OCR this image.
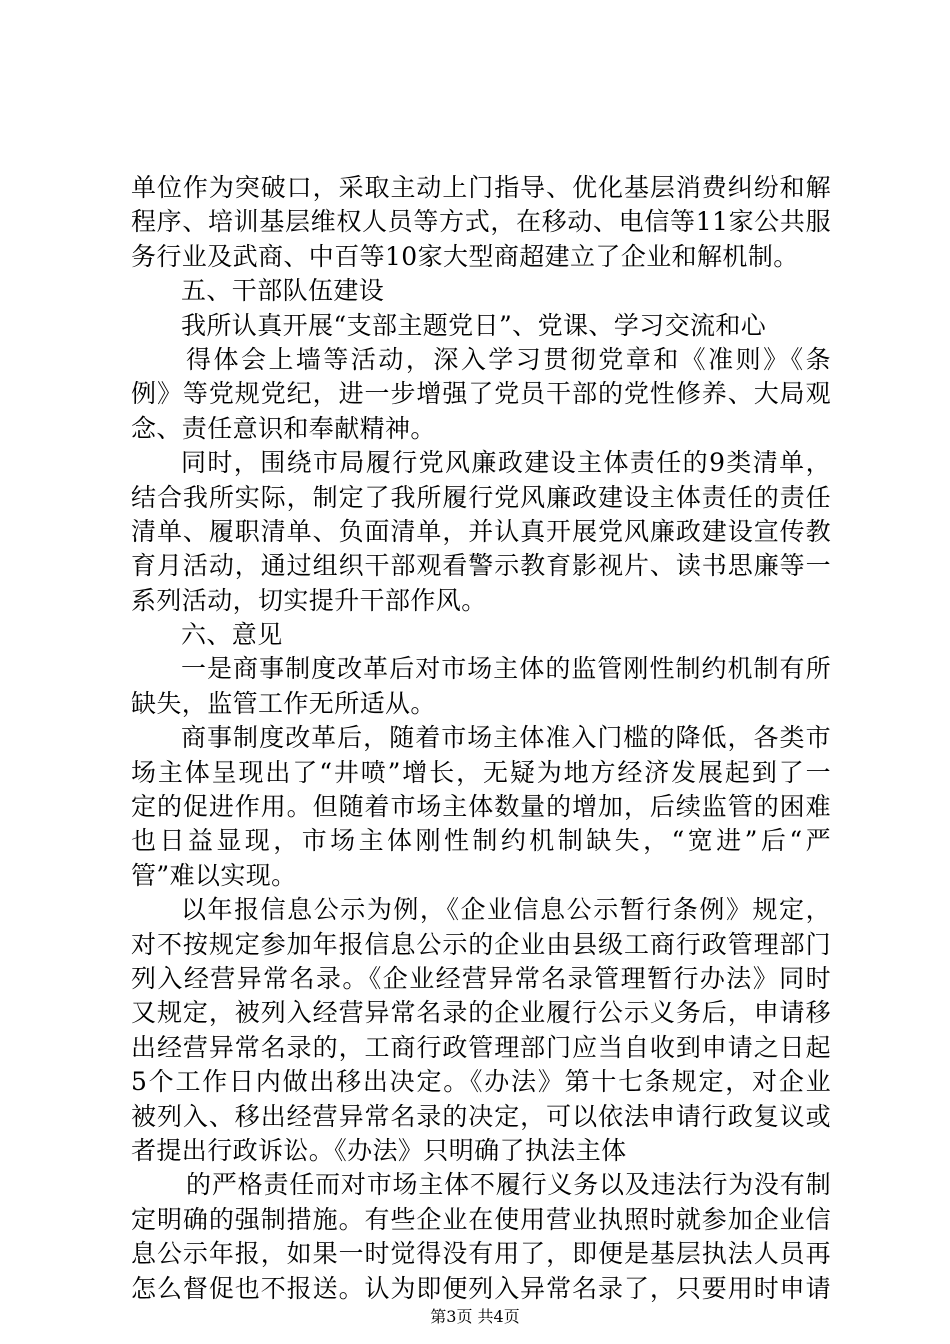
单位作为突破口，采取主动上门指导、优化基层消费纠纷和解
程序、培训基层维权人员等方式，在移动、电信等11家公共服
务行业及武商、中百等10家大型商超建立了企业和解机制。
五、干部队伍建设
我所认真开展“支部主题党日”、党课、学习交流和心
得体会上墙等活动，深入学习贯彻党章和《准则》《条
例》等党规党纪，进一步增强了党员干部的党性修养、大局观
念、责任意识和奉献精神。
同时，围绕市局履行党风廉政建设主体责任的9类清单，
结合我所实际，制定了我所履行党风廉政建设主体责任的责任
清单、履职清单、负面清单，并认真开展党风廉政建设宣传教
育月活动，通过组织干部观看警示教育影视片、读书思廉等一
系列活动，切实提升干部作风。
六、意见
一是商事制度改革后对市场主体的监管刚性制约机制有所
缺失，监管工作无所适从。
商事制度改革后，随着市场主体准入门槛的降低，各类市
场主体呈现出了“井喷”增长，无疑为地方经济发展起到了一
定的促进作用。但随着市场主体数量的增加，后续监管的困难
也日益显现，市场主体刚性制约机制缺失，“宽进”后“严
管”难以实现。
以年报信息公示为例，《企业信息公示暂行条例》规定，
对不按规定参加年报信息公示的企业由县级工商行政管理部门
列入经营异常名录。《企业经营异常名录管理暂行办法》同时
又规定，被列入经营异常名录的企业履行公示义务后，申请移
出经营异常名录的，工商行政管理部门应当自收到申请之日起
5个工作日内做出移出决定。《办法》第十七条规定，对企业
被列入、移出经营异常名录的决定，可以依法申请行政复议或
者提出行政诉讼。《办法》只明确了执法主体
的严格责任而对市场主体不履行义务以及违法行为没有制
定明确的强制措施。有些企业在使用营业执照时就参加企业信
息公示年报，如果一时觉得没有用了，即便是基层执法人员再
怎么督促也不报送。认为即便列入异常名录了，只要用时申请
第3页 共4页
